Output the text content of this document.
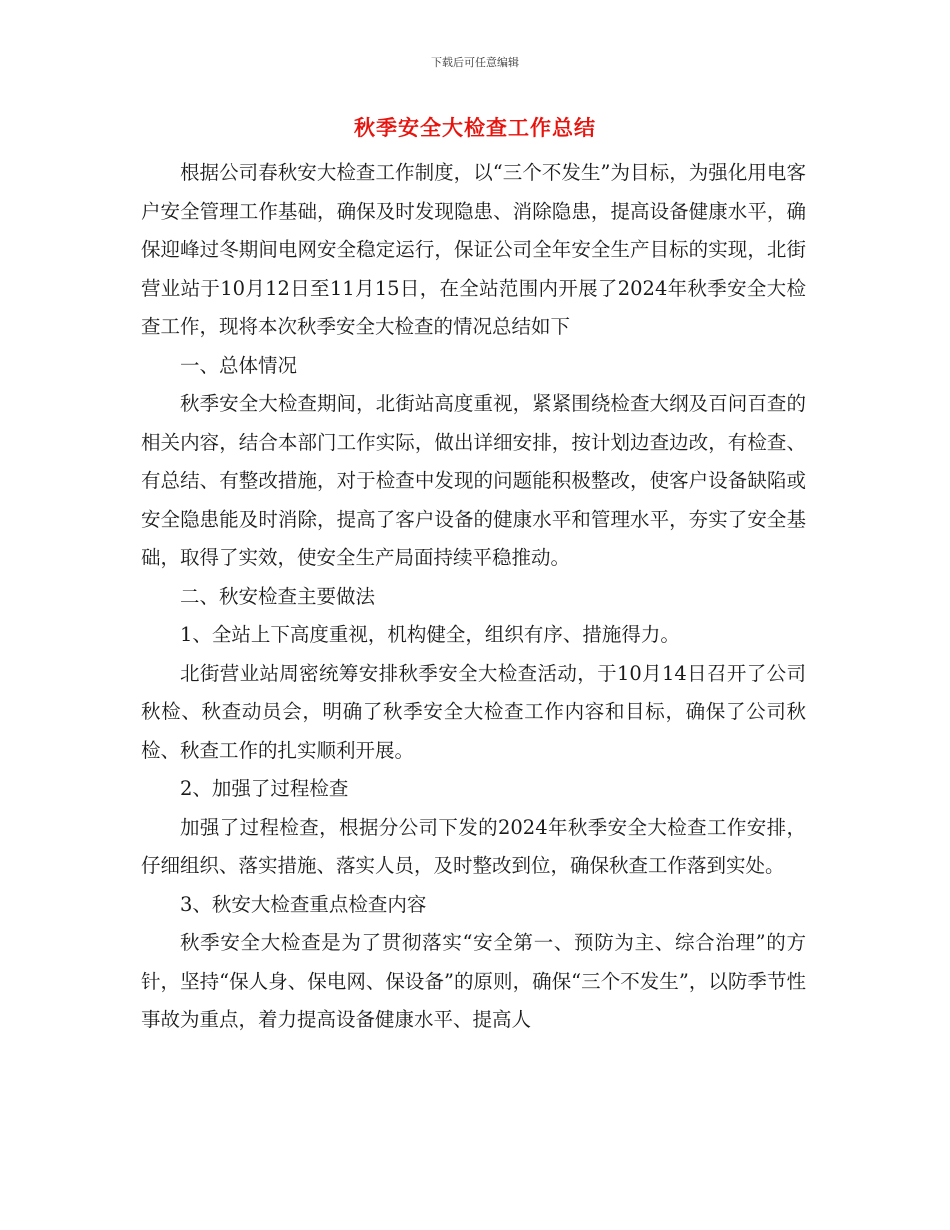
下载后可任意编辑
秋季安全大检查工作总结

根据公司春秋安大检查工作制度，以“三个不发生”为目标，为强化用电客户安全管理工作基础，确保及时发现隐患、消除隐患，提高设备健康水平，确保迎峰过冬期间电网安全稳定运行，保证公司全年安全生产目标的实现，北街营业站于10月12日至11月15日，在全站范围内开展了2024年秋季安全大检查工作，现将本次秋季安全大检查的情况总结如下

一、总体情况

秋季安全大检查期间，北街站高度重视，紧紧围绕检查大纲及百问百查的相关内容，结合本部门工作实际，做出详细安排，按计划边查边改，有检查、有总结、有整改措施，对于检查中发现的问题能积极整改，使客户设备缺陷或安全隐患能及时消除，提高了客户设备的健康水平和管理水平，夯实了安全基础，取得了实效，使安全生产局面持续平稳推动。

二、秋安检查主要做法

1、全站上下高度重视，机构健全，组织有序、措施得力。

北街营业站周密统筹安排秋季安全大检查活动，于10月14日召开了公司秋检、秋查动员会，明确了秋季安全大检查工作内容和目标，确保了公司秋检、秋查工作的扎实顺利开展。

2、加强了过程检查

加强了过程检查，根据分公司下发的2024年秋季安全大检查工作安排，仔细组织、落实措施、落实人员，及时整改到位，确保秋查工作落到实处。

3、秋安大检查重点检查内容

秋季安全大检查是为了贯彻落实“安全第一、预防为主、综合治理”的方针，坚持“保人身、保电网、保设备”的原则，确保“三个不发生”，以防季节性事故为重点，着力提高设备健康水平、提高人
